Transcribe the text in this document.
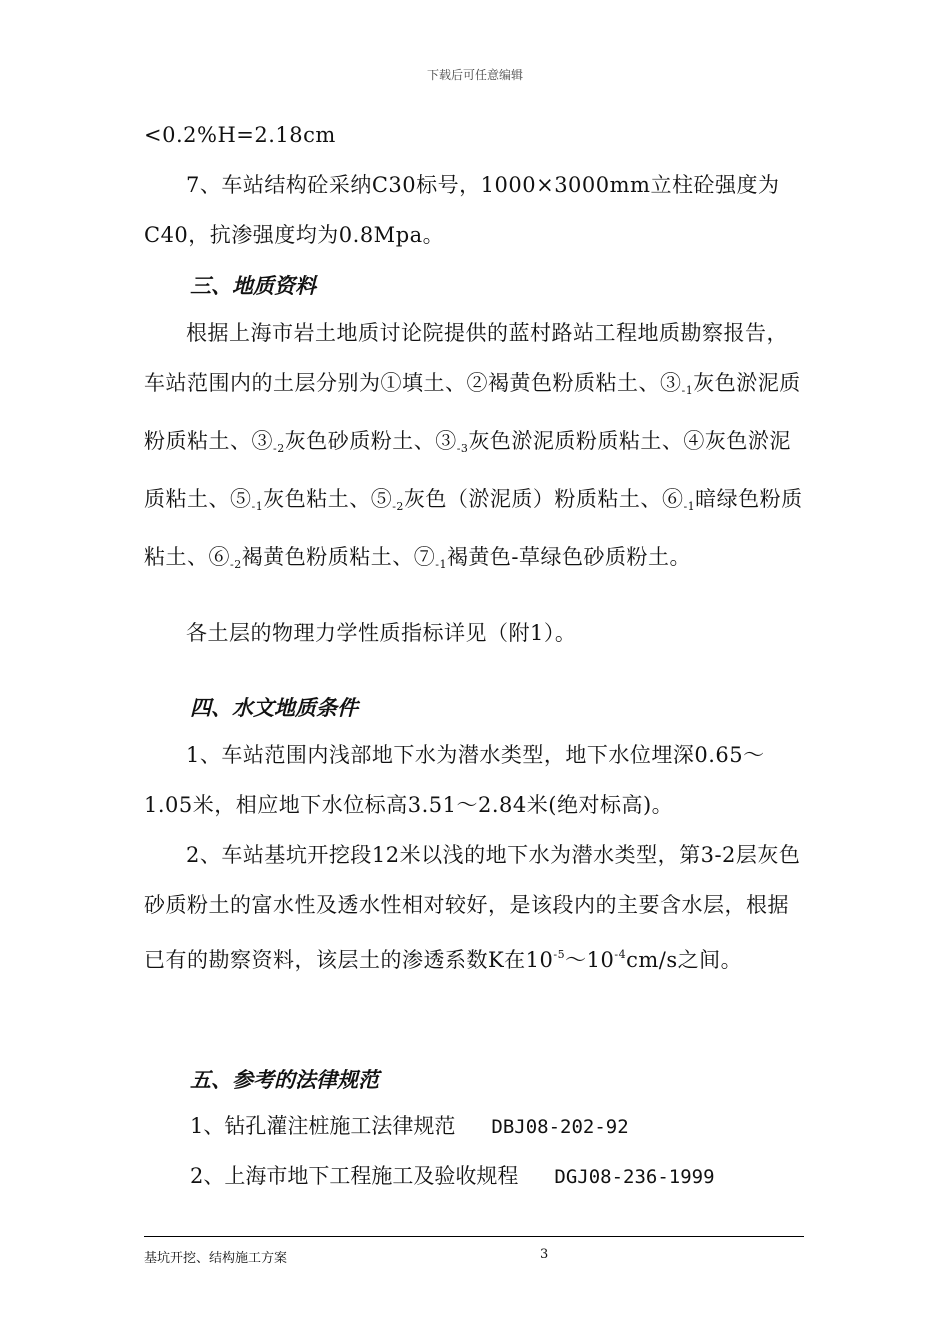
下载后可任意编辑
<0.2%H=2.18cm
7、车站结构砼采纳C30标号，1000×3000mm立柱砼强度为C40，抗渗强度均为0.8Mpa。
三、地质资料
根据上海市岩土地质讨论院提供的蓝村路站工程地质勘察报告，车站范围内的土层分别为①填土、②褐黄色粉质粘土、$③_{-1}$灰色淤泥质粉质粘土、$③_{-2}$灰色砂质粉土、$③_{-3}$灰色淤泥质粉质粘土、④灰色淤泥质粘土、$⑤_{-1}$灰色粘土、$⑤_{-2}$灰色（淤泥质）粉质粘土、$⑥_{-1}$暗绿色粉质粘土、$⑥_{-2}$褐黄色粉质粘土、$⑦_{-1}$褐黄色-草绿色砂质粉土。
各土层的物理力学性质指标详见（附1）。
四、水文地质条件
1、车站范围内浅部地下水为潜水类型，地下水位埋深0.65～1.05米，相应地下水位标高3.51～2.84米(绝对标高)。
2、车站基坑开挖段12米以浅的地下水为潜水类型，第3-2层灰色砂质粉土的富水性及透水性相对较好，是该段内的主要含水层，根据已有的勘察资料，该层土的渗透系数K在$10^{-5}\sim 10^{-4}cm/s$之间。
五、参考的法律规范
1、钻孔灌注桩施工法律规范 DBJ08-202-92
2、上海市地下工程施工及验收规程 DGJ08-236-1999
基坑开挖、结构施工方案	3
